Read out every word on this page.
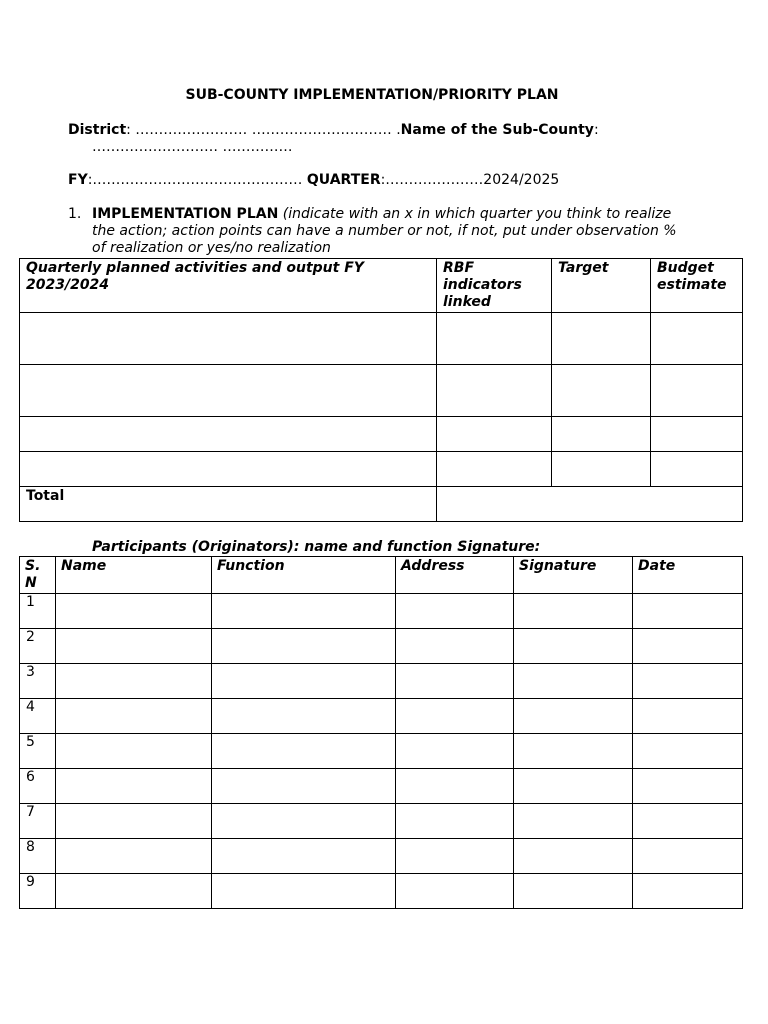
SUB-COUNTY IMPLEMENTATION/PRIORITY PLAN
District: …………………… ………………………… .Name of the Sub-County:
……………………… ……………
FY:……………………………………… QUARTER:…………………2024/2025
1. IMPLEMENTATION PLAN (indicate with an x in which quarter you think to realize the action; action points can have a number or not, if not, put under observation % of realization or yes/no realization
Quarterly planned activities and output FY 2023/2024	RBF indicators linked	Target	Budget estimate

Total			
Participants (Originators): name and function Signature:
S. N	Name	Function	Address	Signature	Date
1					
2					
3					
4					
5					
6					
7					
8					
9					
